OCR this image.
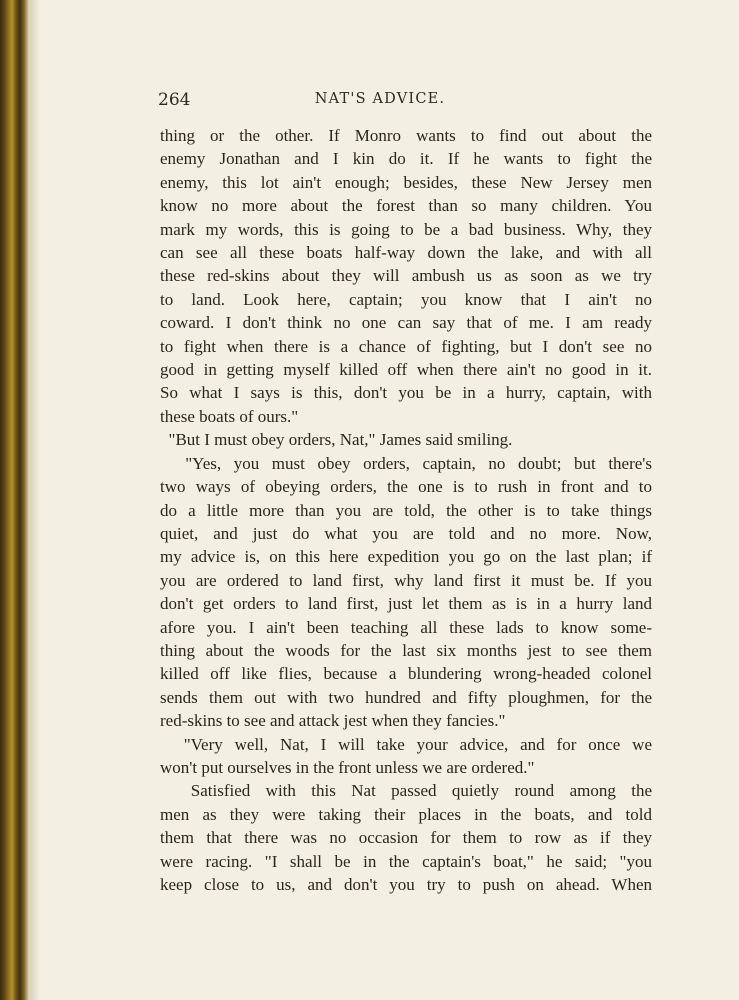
264	NAT'S ADVICE.
thing or the other. If Monro wants to find out about the
enemy Jonathan and I kin do it. If he wants to fight the
enemy, this lot ain't enough; besides, these New Jersey men
know no more about the forest than so many children. You
mark my words, this is going to be a bad business. Why, they
can see all these boats half-way down the lake, and with all
these red-skins about they will ambush us as soon as we try
to land. Look here, captain; you know that I ain't no
coward. I don't think no one can say that of me. I am ready
to fight when there is a chance of fighting, but I don't see no
good in getting myself killed off when there ain't no good in it.
So what I says is this, don't you be in a hurry, captain, with
these boats of ours."
"But I must obey orders, Nat," James said smiling.
"Yes, you must obey orders, captain, no doubt; but there's
two ways of obeying orders, the one is to rush in front and to
do a little more than you are told, the other is to take things
quiet, and just do what you are told and no more. Now,
my advice is, on this here expedition you go on the last plan; if
you are ordered to land first, why land first it must be. If you
don't get orders to land first, just let them as is in a hurry land
afore you. I ain't been teaching all these lads to know some-
thing about the woods for the last six months jest to see them
killed off like flies, because a blundering wrong-headed colonel
sends them out with two hundred and fifty ploughmen, for the
red-skins to see and attack jest when they fancies."
"Very well, Nat, I will take your advice, and for once we
won't put ourselves in the front unless we are ordered."
Satisfied with this Nat passed quietly round among the
men as they were taking their places in the boats, and told
them that there was no occasion for them to row as if they
were racing. "I shall be in the captain's boat," he said; "you
keep close to us, and don't you try to push on ahead. When
